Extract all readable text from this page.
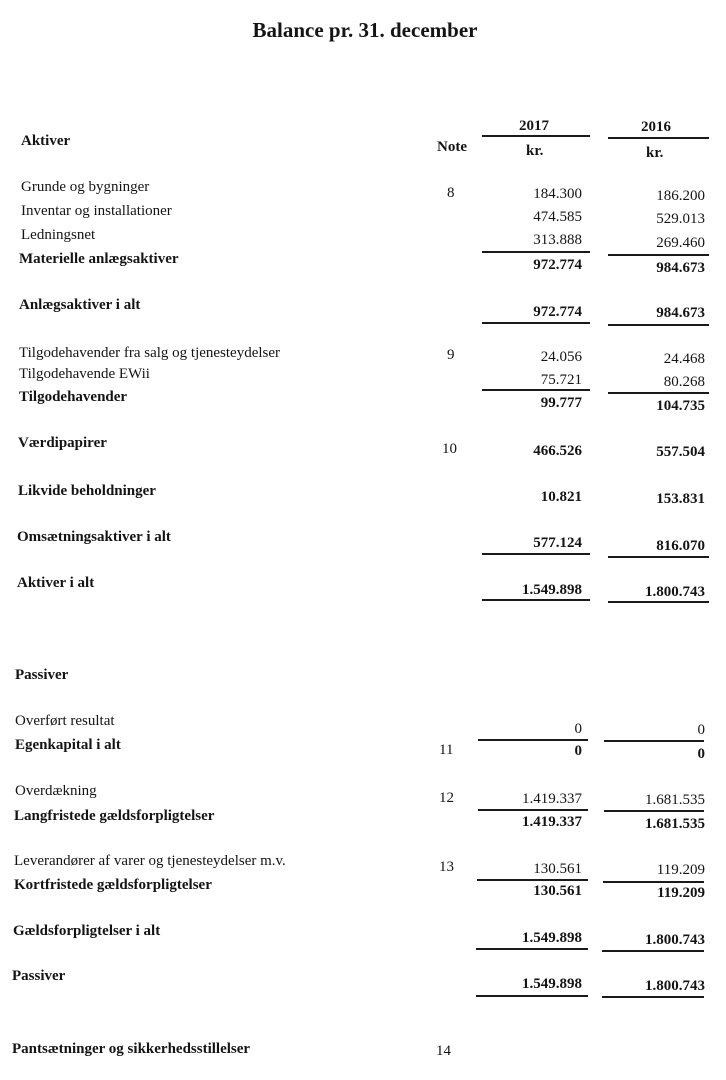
Balance pr. 31. december
Aktiver	Note
2017	2016
kr.	kr.
Grunde og bygninger	8	184.300	186.200
Inventar og installationer	474.585	529.013
Ledningsnet	313.888	269.460
Materielle anlægsaktiver	972.774	984.673
Anlægsaktiver i alt	972.774	984.673
Tilgodehavender fra salg og tjenesteydelser	9	24.056	24.468
Tilgodehavende EWii	75.721	80.268
Tilgodehavender	99.777	104.735
Værdipapirer	10	466.526	557.504
Likvide beholdninger	10.821	153.831
Omsætningsaktiver i alt	577.124	816.070
Aktiver i alt	1.549.898	1.800.743
Passiver
Overført resultat	0	0
Egenkapital i alt	11	0	0
Overdækning	12	1.419.337	1.681.535
Langfristede gældsforpligtelser	1.419.337	1.681.535
Leverandører af varer og tjenesteydelser m.v.	13	130.561	119.209
Kortfristede gældsforpligtelser	130.561	119.209
Gældsforpligtelser i alt	1.549.898	1.800.743
Passiver	1.549.898	1.800.743
Pantsætninger og sikkerhedsstillelser	14
